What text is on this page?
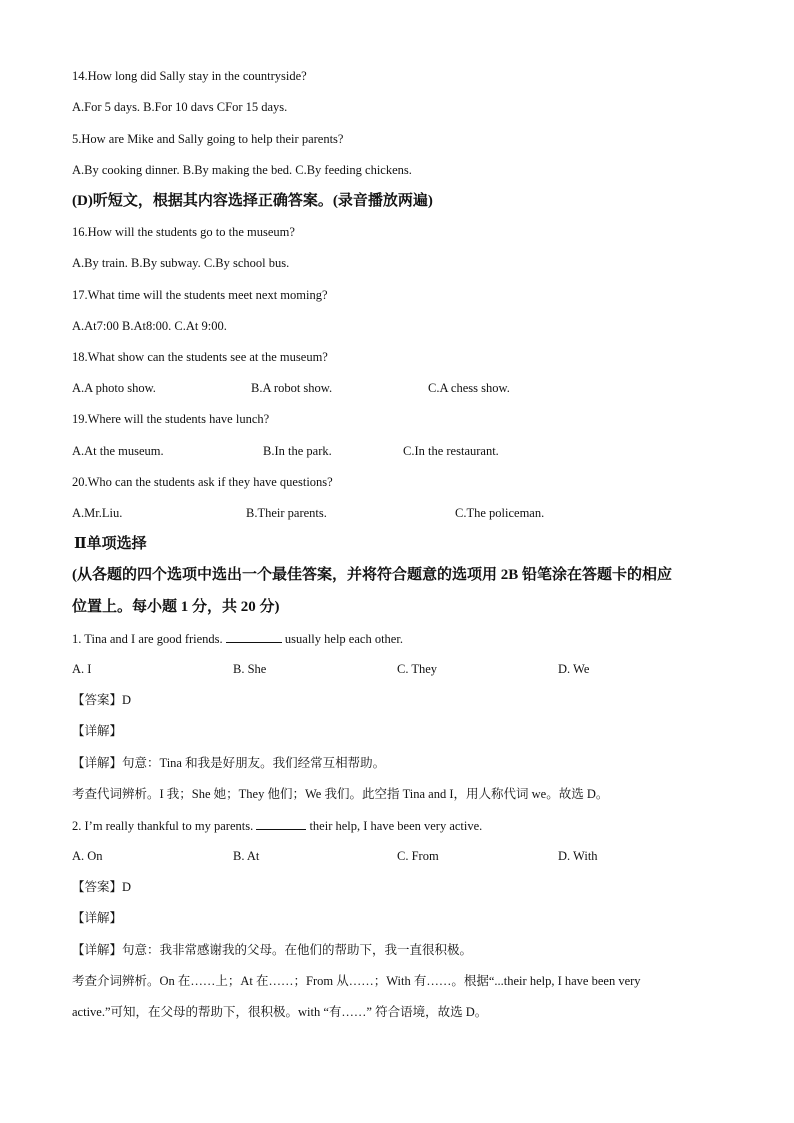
14.How long did Sally stay in the countryside?
A.For 5 days. B.For 10 davs CFor 15 days.
5.How are Mike and Sally going to help their parents?
A.By cooking dinner. B.By making the bed. C.By feeding chickens.
(D)听短文，根据其内容选择正确答案。(录音播放两遍)
16.How will the students go to the museum?
A.By train. B.By subway. C.By school bus.
17.What time will the students meet next moming?
A.At7:00 B.At8:00. C.At 9:00.
18.What show can the students see at the museum?
A.A photo show.	B.A robot show.	C.A chess show.
19.Where will the students have lunch?
A.At the museum.	B.In the park.	C.In the restaurant.
20.Who can the students ask if they have questions?
A.Mr.Liu.	B.Their parents.	C.The policeman.
Ⅱ单项选择
(从各题的四个选项中选出一个最佳答案，并将符合题意的选项用 2B 铅笔涂在答题卡的相应
位置上。每小题 1 分，共 20 分)
1. Tina and I are good friends.	usually help each other.
A. I	B. She	C. They	D. We
【答案】D
【详解】
【详解】句意：Tina 和我是好朋友。我们经常互相帮助。
考查代词辨析。I 我；She 她；They 他们；We 我们。此空指 Tina and I，用人称代词 we。故选 D。
2. I’m really thankful to my parents.	their help, I have been very active.
A. On	B. At	C. From	D. With
【答案】D
【详解】
【详解】句意：我非常感谢我的父母。在他们的帮助下，我一直很积极。
考查介词辨析。On 在……上；At 在……；From 从……；With 有……。根据“...their help, I have been very
active.”可知，在父母的帮助下，很积极。with “有……” 符合语境，故选 D。
